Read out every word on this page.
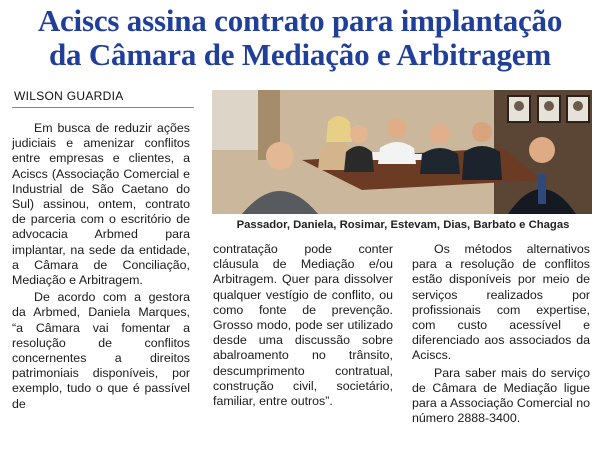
Aciscs assina contrato para implantação
da Câmara de Mediação e Arbitragem
WILSON GUARDIA

Em busca de reduzir ações judiciais e amenizar conflitos entre empresas e clientes, a Aciscs (Associação Comercial e Industrial de São Caetano do Sul) assinou, ontem, contrato de parceria com o escritório de advocacia Arbmed para implantar, na sede da entidade, a Câmara de Conciliação, Mediação e Arbitragem.

De acordo com a gestora da Arbmed, Daniela Marques, “a Câmara vai fomentar a resolução de conflitos concernentes a direitos patrimoniais disponíveis, por exemplo, tudo o que é passível de

Passador, Daniela, Rosimar, Estevam, Dias, Barbato e Chagas

contratação pode conter cláusula de Mediação e/ou Arbitragem. Quer para dissolver qualquer vestígio de conflito, ou como fonte de prevenção. Grosso modo, pode ser utilizado desde uma discussão sobre abalroamento no trânsito, descumprimento contratual, construção civil, societário, familiar, entre outros”.

Os métodos alternativos para a resolução de conflitos estão disponíveis por meio de serviços realizados por profissionais com expertise, com custo acessível e diferenciado aos associados da Aciscs.

Para saber mais do serviço de Câmara de Mediação ligue para a Associação Comercial no número 2888-3400.
